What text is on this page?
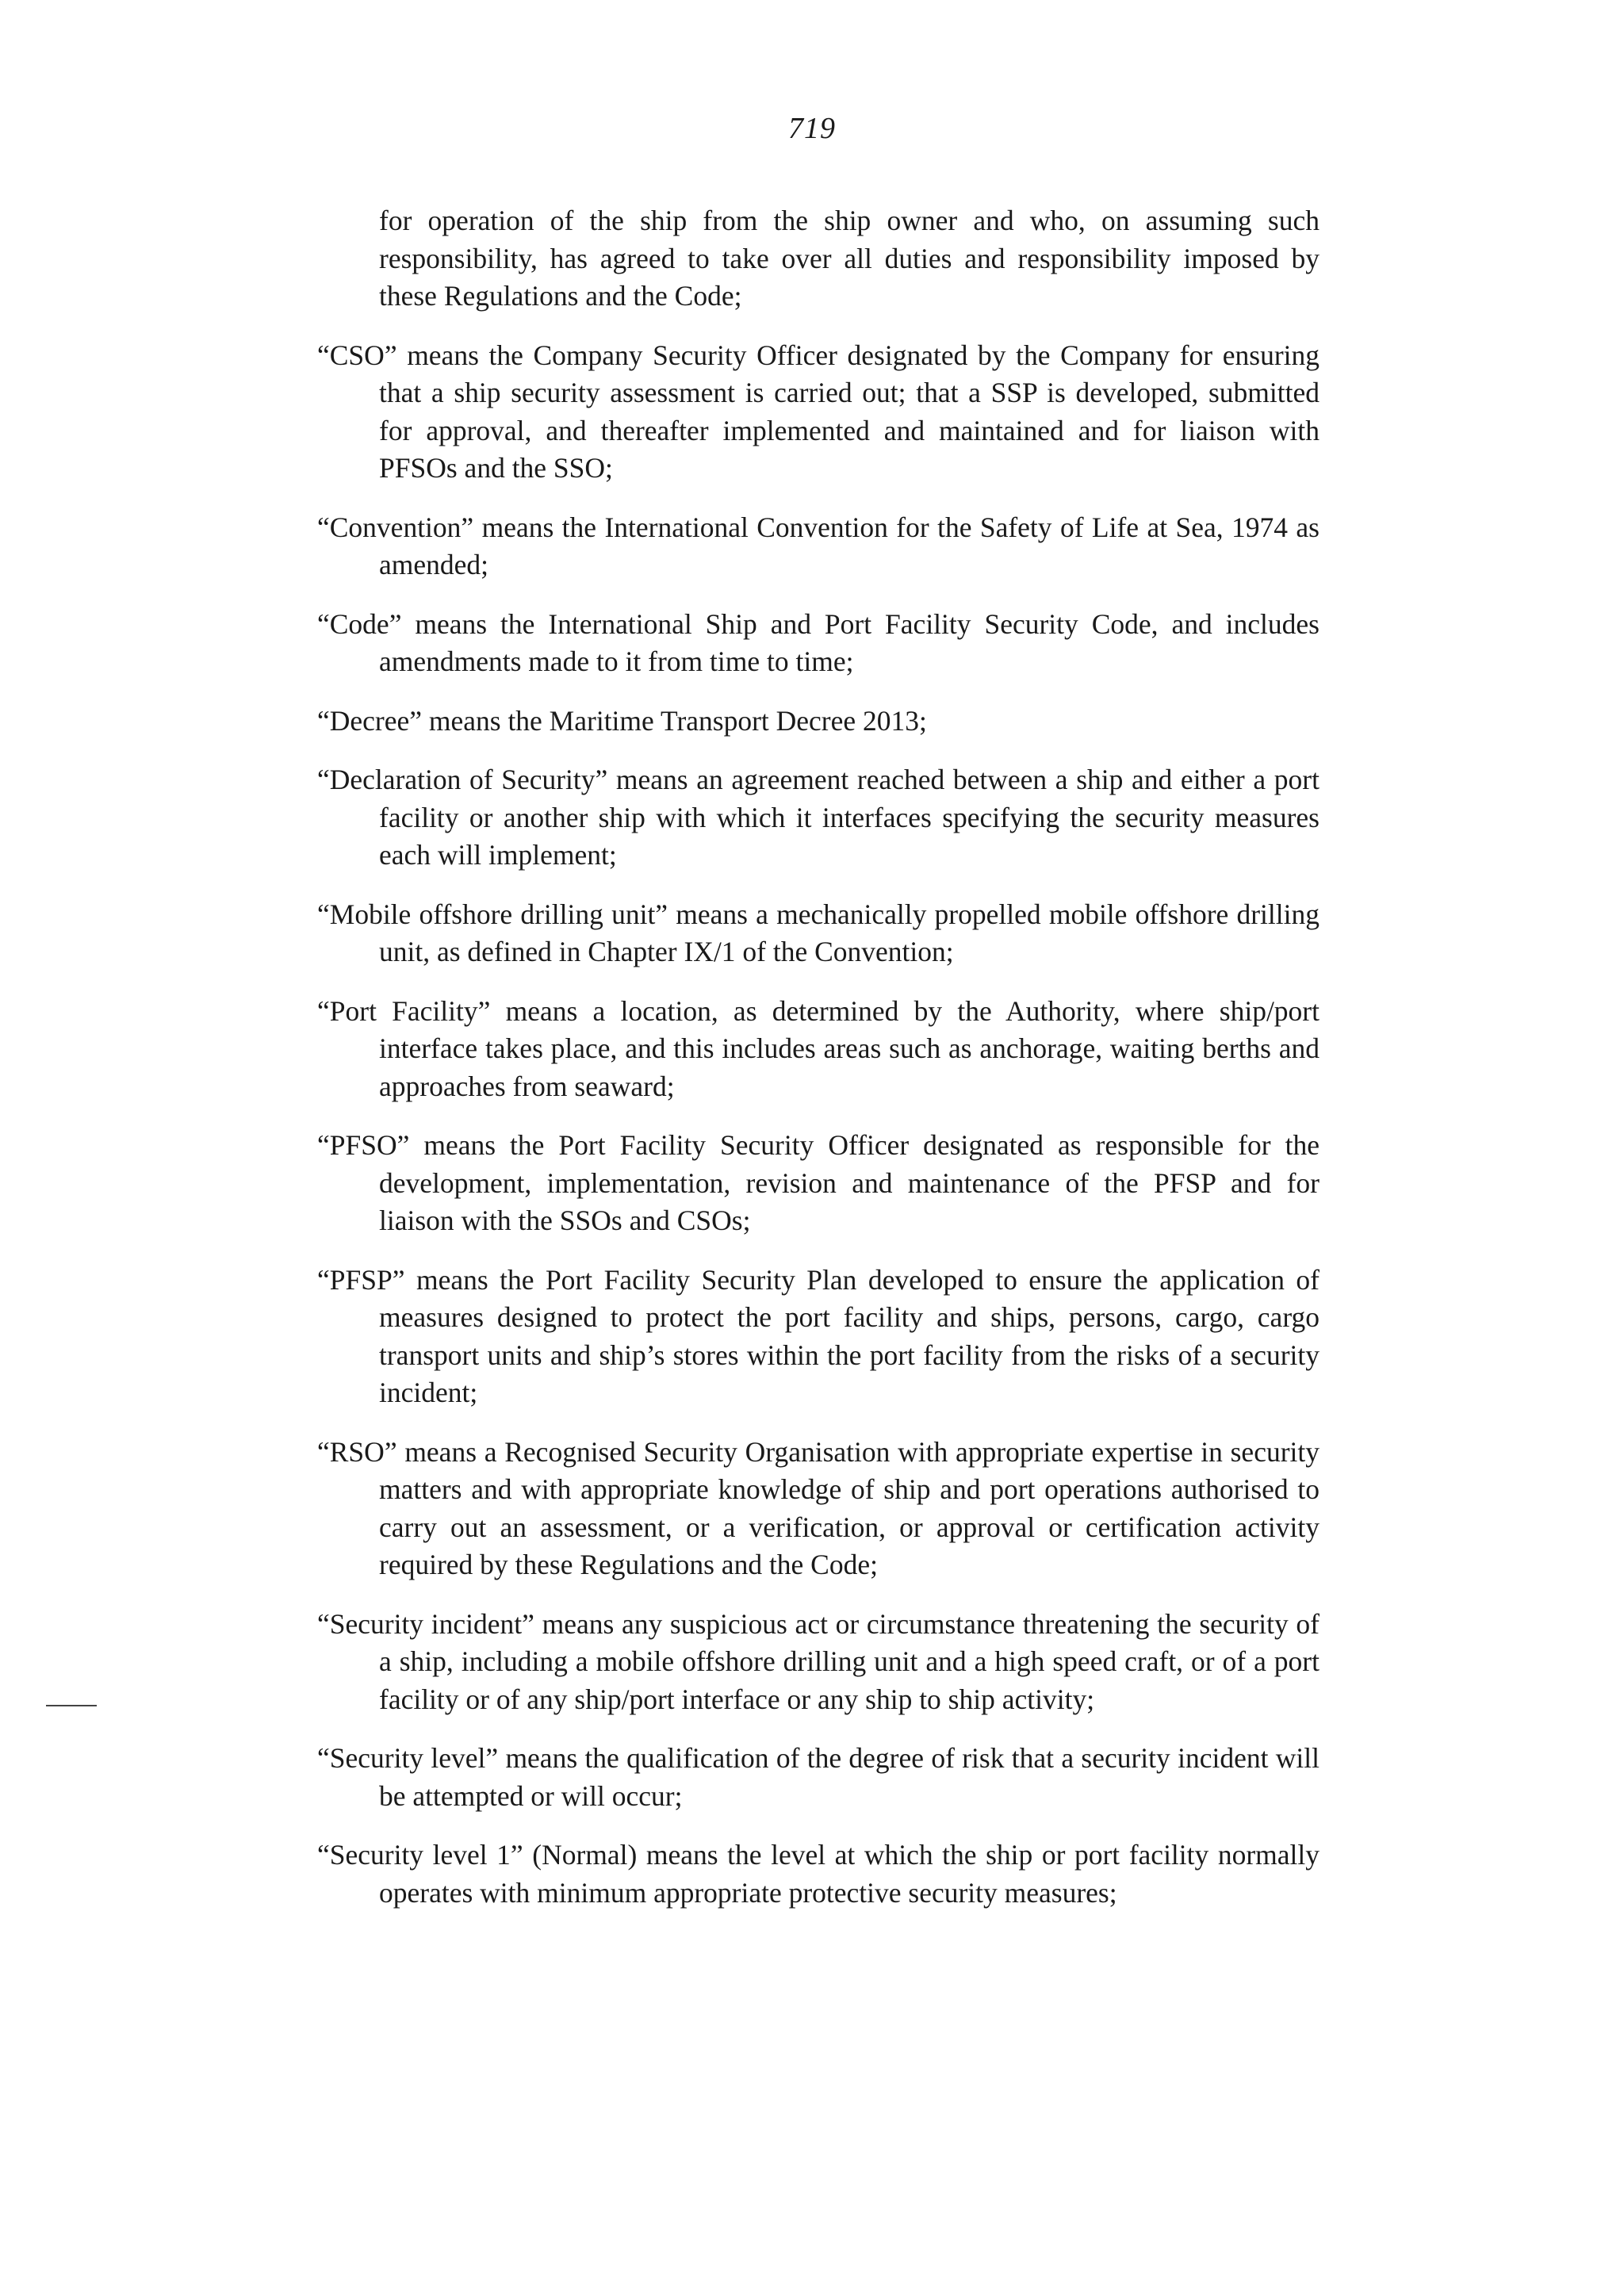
719

for operation of the ship from the ship owner and who, on assuming such responsibility, has agreed to take over all duties and responsibility imposed by these Regulations and the Code;

“CSO” means the Company Security Officer designated by the Company for ensuring that a ship security assessment is carried out; that a SSP is developed, submitted for approval, and thereafter implemented and maintained and for liaison with PFSOs and the SSO;

“Convention” means the International Convention for the Safety of Life at Sea, 1974 as amended;

“Code” means the International Ship and Port Facility Security Code, and includes amendments made to it from time to time;

“Decree” means the Maritime Transport Decree 2013;

“Declaration of Security” means an agreement reached between a ship and either a port facility or another ship with which it interfaces specifying the security measures each will implement;

“Mobile offshore drilling unit” means a mechanically propelled mobile offshore drilling unit, as defined in Chapter IX/1 of the Convention;

“Port Facility” means a location, as determined by the Authority, where ship/port interface takes place, and this includes areas such as anchorage, waiting berths and approaches from seaward;

“PFSO” means the Port Facility Security Officer designated as responsible for the development, implementation, revision and maintenance of the PFSP and for liaison with the SSOs and CSOs;

“PFSP” means the Port Facility Security Plan developed to ensure the application of measures designed to protect the port facility and ships, persons, cargo, cargo transport units and ship’s stores within the port facility from the risks of a security incident;

“RSO” means a Recognised Security Organisation with appropriate expertise in security matters and with appropriate knowledge of ship and port operations authorised to carry out an assessment, or a verification, or approval or certification activity required by these Regulations and the Code;

“Security incident” means any suspicious act or circumstance threatening the security of a ship, including a mobile offshore drilling unit and a high speed craft, or of a port facility or of any ship/port interface or any ship to ship activity;

“Security level” means the qualification of the degree of risk that a security incident will be attempted or will occur;

“Security level 1” (Normal) means the level at which the ship or port facility normally operates with minimum appropriate protective security measures;
